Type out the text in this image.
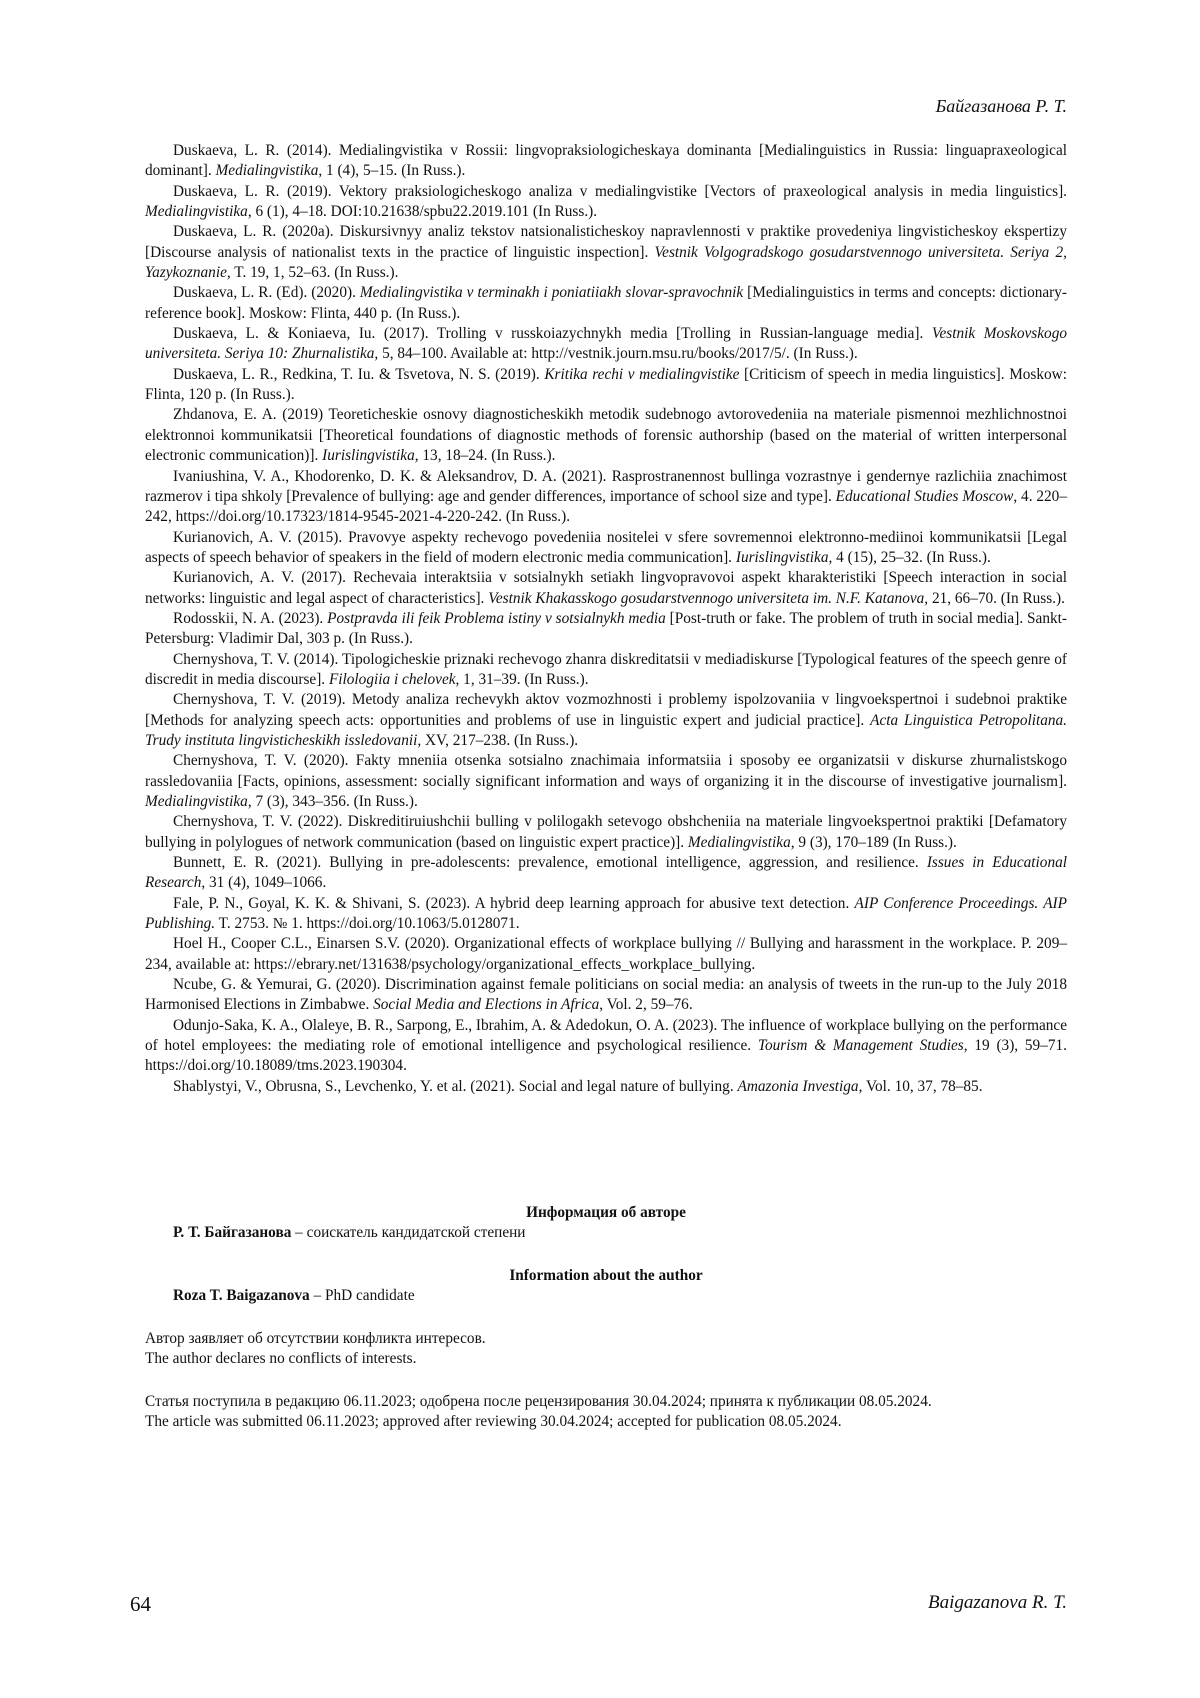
Байгазанова Р. Т.

Duskaeva, L. R. (2014). Medialingvistika v Rossii: lingvopraksiologicheskaya dominanta [Medialinguistics in Russia: linguapraxeological dominant]. Medialingvistika, 1 (4), 5–15. (In Russ.).

Duskaeva, L. R. (2019). Vektory praksiologicheskogo analiza v medialingvistike [Vectors of praxeological analysis in media linguistics]. Medialingvistika, 6 (1), 4–18. DOI:10.21638/spbu22.2019.101 (In Russ.).

Duskaeva, L. R. (2020a). Diskursivnyy analiz tekstov natsionalisticheskoy napravlennosti v praktike provedeniya lingvisticheskoy ekspertizy [Discourse analysis of nationalist texts in the practice of linguistic inspection]. Vestnik Volgogradskogo gosudarstvennogo universiteta. Seriya 2, Yazykoznanie, T. 19, 1, 52–63. (In Russ.).

Duskaeva, L. R. (Ed). (2020). Medialingvistika v terminakh i poniatiiakh slovar-spravochnik [Medialinguistics in terms and concepts: dictionary-reference book]. Moskow: Flinta, 440 p. (In Russ.).

Duskaeva, L. & Koniaeva, Iu. (2017). Trolling v russkoiazychnykh media [Trolling in Russian-language media]. Vestnik Moskovskogo universiteta. Seriya 10: Zhurnalistika, 5, 84–100. Available at: http://vestnik.journ.msu.ru/books/2017/5/. (In Russ.).

Duskaeva, L. R., Redkina, T. Iu. & Tsvetova, N. S. (2019). Kritika rechi v medialingvistike [Criticism of speech in media linguistics]. Moskow: Flinta, 120 p. (In Russ.).

Zhdanova, E. A. (2019) Teoreticheskie osnovy diagnosticheskikh metodik sudebnogo avtorovedeniia na materiale pismennoi mezhlichnostnoi elektronnoi kommunikatsii [Theoretical foundations of diagnostic methods of forensic authorship (based on the material of written interpersonal electronic communication)]. Iurislingvistika, 13, 18–24. (In Russ.).

Ivaniushina, V. A., Khodorenko, D. K. & Aleksandrov, D. A. (2021). Rasprostranennost bullinga vozrastnye i gendernye razlichiia znachimost razmerov i tipa shkoly [Prevalence of bullying: age and gender differences, importance of school size and type]. Educational Studies Moscow, 4. 220–242, https://doi.org/10.17323/1814-9545-2021-4-220-242. (In Russ.).

Kurianovich, A. V. (2015). Pravovye aspekty rechevogo povedeniia nositelei v sfere sovremennoi elektronno-mediinoi kommunikatsii [Legal aspects of speech behavior of speakers in the field of modern electronic media communication]. Iurislingvistika, 4 (15), 25–32. (In Russ.).

Kurianovich, A. V. (2017). Rechevaia interaktsiia v sotsialnykh setiakh lingvopravovoi aspekt kharakteristiki [Speech interaction in social networks: linguistic and legal aspect of characteristics]. Vestnik Khakasskogo gosudarstvennogo universiteta im. N.F. Katanova, 21, 66–70. (In Russ.).

Rodosskii, N. A. (2023). Postpravda ili feik Problema istiny v sotsialnykh media [Post-truth or fake. The problem of truth in social media]. Sankt-Petersburg: Vladimir Dal, 303 p. (In Russ.).

Chernyshova, T. V. (2014). Tipologicheskie priznaki rechevogo zhanra diskreditatsii v mediadiskurse [Typological features of the speech genre of discredit in media discourse]. Filologiia i chelovek, 1, 31–39. (In Russ.).

Chernyshova, T. V. (2019). Metody analiza rechevykh aktov vozmozhnosti i problemy ispolzovaniia v lingvoekspertnoi i sudebnoi praktike [Methods for analyzing speech acts: opportunities and problems of use in linguistic expert and judicial practice]. Acta Linguistica Petropolitana. Trudy instituta lingvisticheskikh issledovanii, XV, 217–238. (In Russ.).

Chernyshova, T. V. (2020). Fakty mneniia otsenka sotsialno znachimaia informatsiia i sposoby ee organizatsii v diskurse zhurnalistskogo rassledovaniia [Facts, opinions, assessment: socially significant information and ways of organizing it in the discourse of investigative journalism]. Medialingvistika, 7 (3), 343–356. (In Russ.).

Chernyshova, T. V. (2022). Diskreditiruiushchii bulling v polilogakh setevogo obshcheniia na materiale lingvoekspertnoi praktiki [Defamatory bullying in polylogues of network communication (based on linguistic expert practice)]. Medialingvistika, 9 (3), 170–189 (In Russ.).

Bunnett, E. R. (2021). Bullying in pre-adolescents: prevalence, emotional intelligence, aggression, and resilience. Issues in Educational Research, 31 (4), 1049–1066.

Fale, P. N., Goyal, K. K. & Shivani, S. (2023). A hybrid deep learning approach for abusive text detection. AIP Conference Proceedings. AIP Publishing. T. 2753. № 1. https://doi.org/10.1063/5.0128071.

Hoel H., Cooper C.L., Einarsen S.V. (2020). Organizational effects of workplace bullying // Bullying and harassment in the workplace. P. 209–234, available at: https://ebrary.net/131638/psychology/organizational_effects_workplace_bullying.

Ncube, G. & Yemurai, G. (2020). Discrimination against female politicians on social media: an analysis of tweets in the run-up to the July 2018 Harmonised Elections in Zimbabwe. Social Media and Elections in Africa, Vol. 2, 59–76.

Odunjo-Saka, K. A., Olaleye, B. R., Sarpong, E., Ibrahim, A. & Adedokun, O. A. (2023). The influence of workplace bullying on the performance of hotel employees: the mediating role of emotional intelligence and psychological resilience. Tourism & Management Studies, 19 (3), 59–71. https://doi.org/10.18089/tms.2023.190304.

Shablystyi, V., Obrusna, S., Levchenko, Y. et al. (2021). Social and legal nature of bullying. Amazonia Investiga, Vol. 10, 37, 78–85.

Информация об авторе

Р. Т. Байгазанова – соискатель кандидатской степени

Information about the author

Roza T. Baigazanova – PhD candidate

Автор заявляет об отсутствии конфликта интересов.

The author declares no conflicts of interests.

Статья поступила в редакцию 06.11.2023; одобрена после рецензирования 30.04.2024; принята к публикации 08.05.2024.

The article was submitted 06.11.2023; approved after reviewing 30.04.2024; accepted for publication 08.05.2024.

64	Baigazanova R. T.
